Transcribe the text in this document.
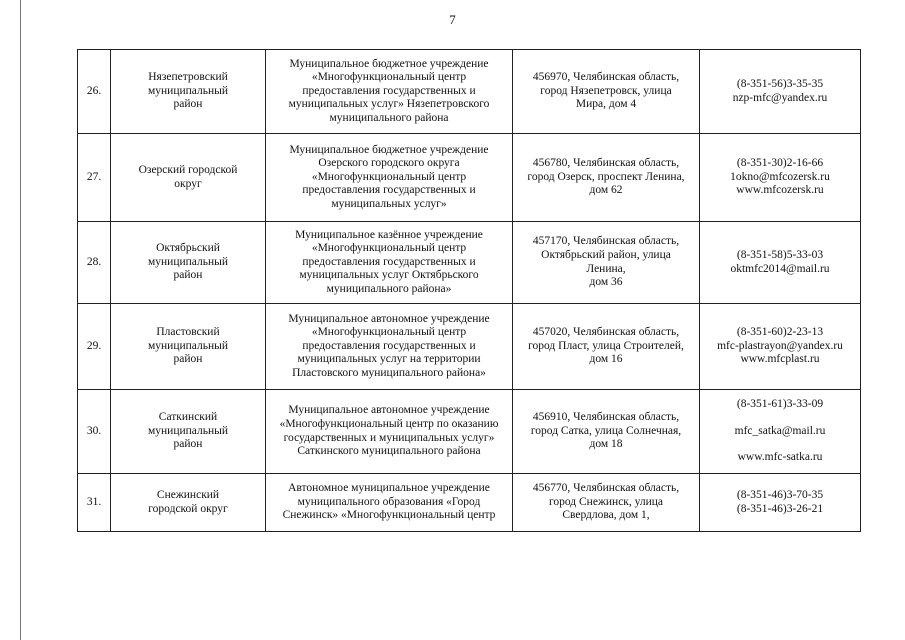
7
26.	Нязепетровский
муниципальный
район	Муниципальное бюджетное учреждение
«Многофункциональный центр
предоставления государственных и
муниципальных услуг» Нязепетровского
муниципального района	456970, Челябинская область,
город Нязепетровск, улица
Мира, дом 4	(8-351-56)3-35-35
nzp-mfc@yandex.ru

27.	Озерский городской
округ	Муниципальное бюджетное учреждение
Озерского городского округа
«Многофункциональный центр
предоставления государственных и
муниципальных услуг»	456780, Челябинская область,
город Озерск, проспект Ленина,
дом 62	(8-351-30)2-16-66
1okno@mfcozersk.ru
www.mfcozersk.ru

28.	Октябрьский
муниципальный
район	Муниципальное казённое учреждение
«Многофункциональный центр
предоставления государственных и
муниципальных услуг Октябрьского
муниципального района»	457170, Челябинская область,
Октябрьский район, улица
Ленина,
дом 36	(8-351-58)5-33-03
oktmfc2014@mail.ru

29.	Пластовский
муниципальный
район	Муниципальное автономное учреждение
«Многофункциональный центр
предоставления государственных и
муниципальных услуг на территории
Пластовского муниципального района»	457020, Челябинская область,
город Пласт, улица Строителей,
дом 16	(8-351-60)2-23-13
mfc-plastrayon@yandex.ru
www.mfcplast.ru

30.	Саткинский
муниципальный
район	Муниципальное автономное учреждение
«Многофункциональный центр по оказанию
государственных и муниципальных услуг»
Саткинского муниципального района	456910, Челябинская область,
город Сатка, улица Солнечная,
дом 18	(8-351-61)3-33-09
mfc_satka@mail.ru
www.mfc-satka.ru

31.	Снежинский
городской округ	Автономное муниципальное учреждение
муниципального образования «Город
Снежинск» «Многофункциональный центр	456770, Челябинская область,
город Снежинск, улица
Свердлова, дом 1,	(8-351-46)3-70-35
(8-351-46)3-26-21
